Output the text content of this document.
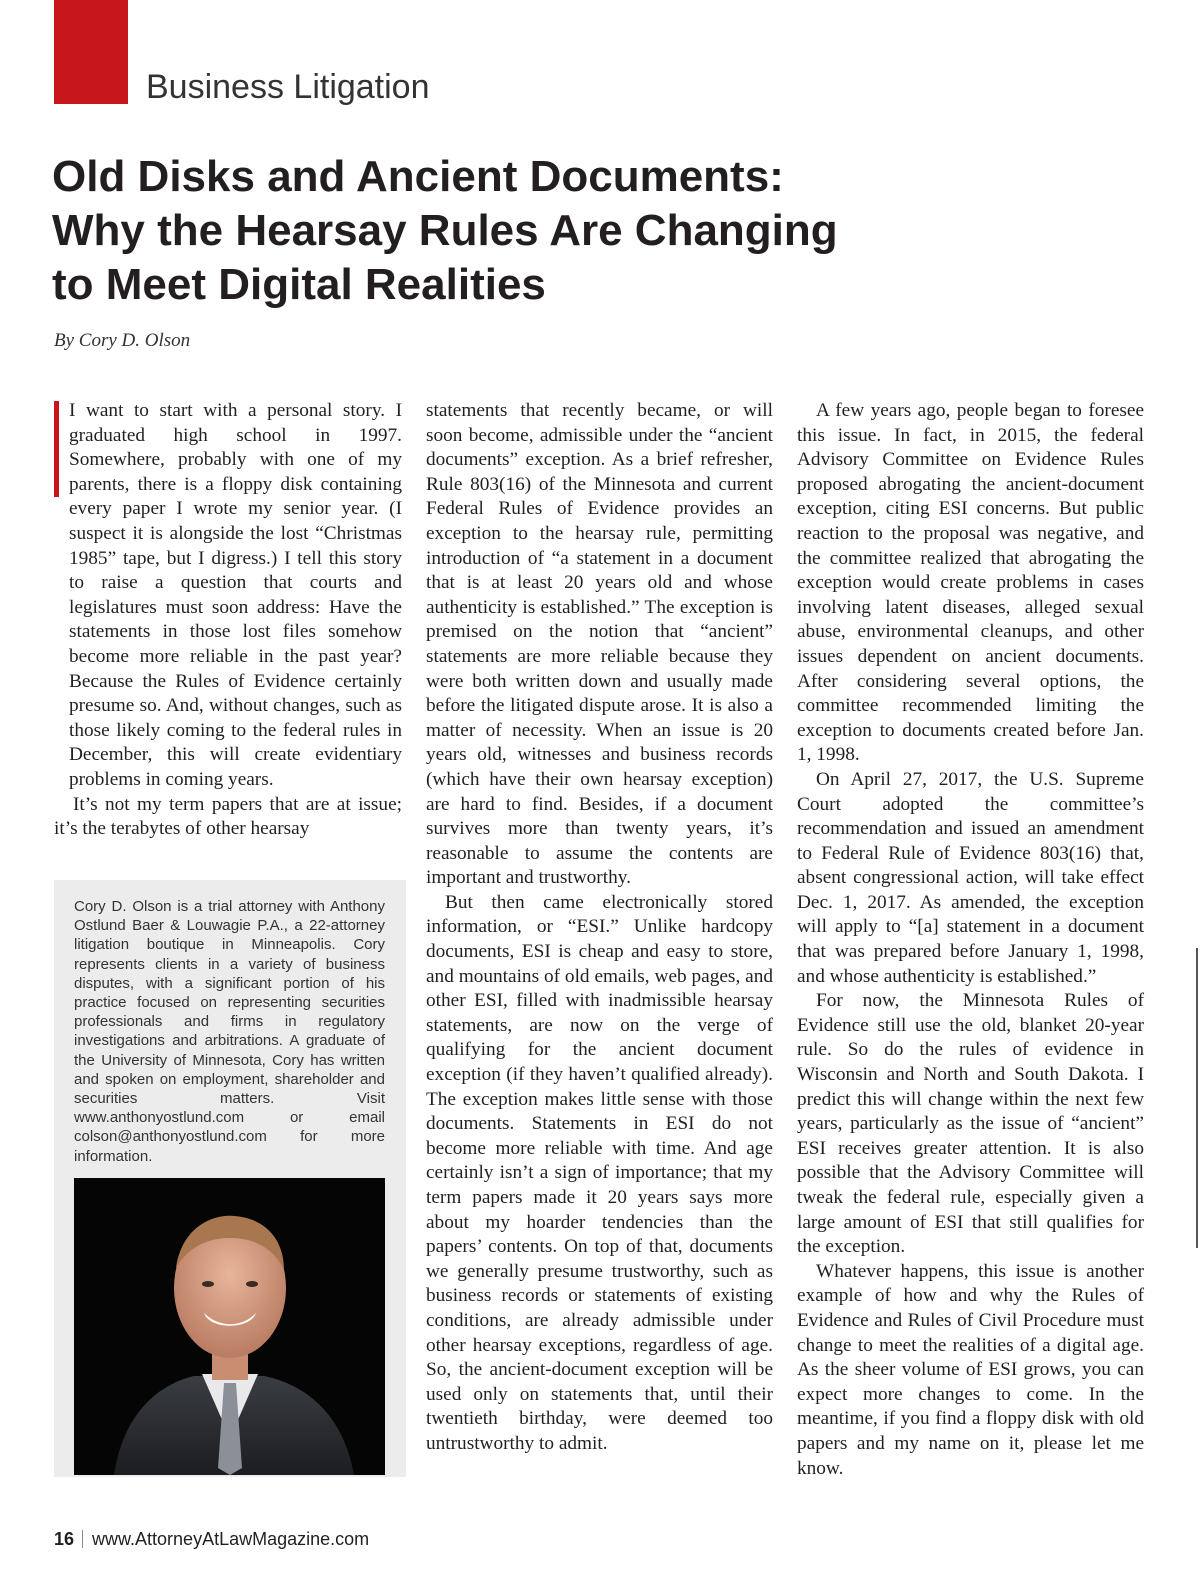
Business Litigation
Old Disks and Ancient Documents:
Why the Hearsay Rules Are Changing
to Meet Digital Realities
By Cory D. Olson

I want to start with a personal story. I graduated high school in 1997. Somewhere, probably with one of my parents, there is a floppy disk containing every paper I wrote my senior year. (I suspect it is alongside the lost “Christmas 1985” tape, but I digress.) I tell this story to raise a question that courts and legislatures must soon address: Have the statements in those lost files somehow become more reliable in the past year? Because the Rules of Evidence certainly presume so. And, without changes, such as those likely coming to the federal rules in December, this will create evidentiary problems in coming years.

It’s not my term papers that are at issue; it’s the terabytes of other hearsay

statements that recently became, or will soon become, admissible under the “ancient documents” exception. As a brief refresher, Rule 803(16) of the Minnesota and current Federal Rules of Evidence provides an exception to the hearsay rule, permitting introduction of “a statement in a document that is at least 20 years old and whose authenticity is established.” The exception is premised on the notion that “ancient” statements are more reliable because they were both written down and usually made before the litigated dispute arose. It is also a matter of necessity. When an issue is 20 years old, witnesses and business records (which have their own hearsay exception) are hard to find. Besides, if a document survives more than twenty years, it’s reasonable to assume the contents are important and trustworthy.

But then came electronically stored information, or “ESI.” Unlike hardcopy documents, ESI is cheap and easy to store, and mountains of old emails, web pages, and other ESI, filled with inadmissible hearsay statements, are now on the verge of qualifying for the ancient document exception (if they haven’t qualified already). The exception makes little sense with those documents. Statements in ESI do not become more reliable with time. And age certainly isn’t a sign of importance; that my term papers made it 20 years says more about my hoarder tendencies than the papers’ contents. On top of that, documents we generally presume trustworthy, such as business records or statements of existing conditions, are already admissible under other hearsay exceptions, regardless of age. So, the ancient-document exception will be used only on statements that, until their twentieth birthday, were deemed too untrustworthy to admit.

A few years ago, people began to foresee this issue. In fact, in 2015, the federal Advisory Committee on Evidence Rules proposed abrogating the ancient-document exception, citing ESI concerns. But public reaction to the proposal was negative, and the committee realized that abrogating the exception would create problems in cases involving latent diseases, alleged sexual abuse, environmental cleanups, and other issues dependent on ancient documents. After considering several options, the committee recommended limiting the exception to documents created before Jan. 1, 1998.

On April 27, 2017, the U.S. Supreme Court adopted the committee’s recommendation and issued an amendment to Federal Rule of Evidence 803(16) that, absent congressional action, will take effect Dec. 1, 2017. As amended, the exception will apply to “[a] statement in a document that was prepared before January 1, 1998, and whose authenticity is established.”

For now, the Minnesota Rules of Evidence still use the old, blanket 20-year rule. So do the rules of evidence in Wisconsin and North and South Dakota. I predict this will change within the next few years, particularly as the issue of “ancient” ESI receives greater attention. It is also possible that the Advisory Committee will tweak the federal rule, especially given a large amount of ESI that still qualifies for the exception.

Whatever happens, this issue is another example of how and why the Rules of Evidence and Rules of Civil Procedure must change to meet the realities of a digital age. As the sheer volume of ESI grows, you can expect more changes to come. In the meantime, if you find a floppy disk with old papers and my name on it, please let me know.

Cory D. Olson is a trial attorney with Anthony Ostlund Baer & Louwagie P.A., a 22-attorney litigation boutique in Minneapolis. Cory represents clients in a variety of business disputes, with a significant portion of his practice focused on representing securities professionals and firms in regulatory investigations and arbitrations. A graduate of the University of Minnesota, Cory has written and spoken on employment, shareholder and securities matters. Visit www.anthonyostlund.com or email colson@anthonyostlund.com for more information.

16 www.AttorneyAtLawMagazine.com
